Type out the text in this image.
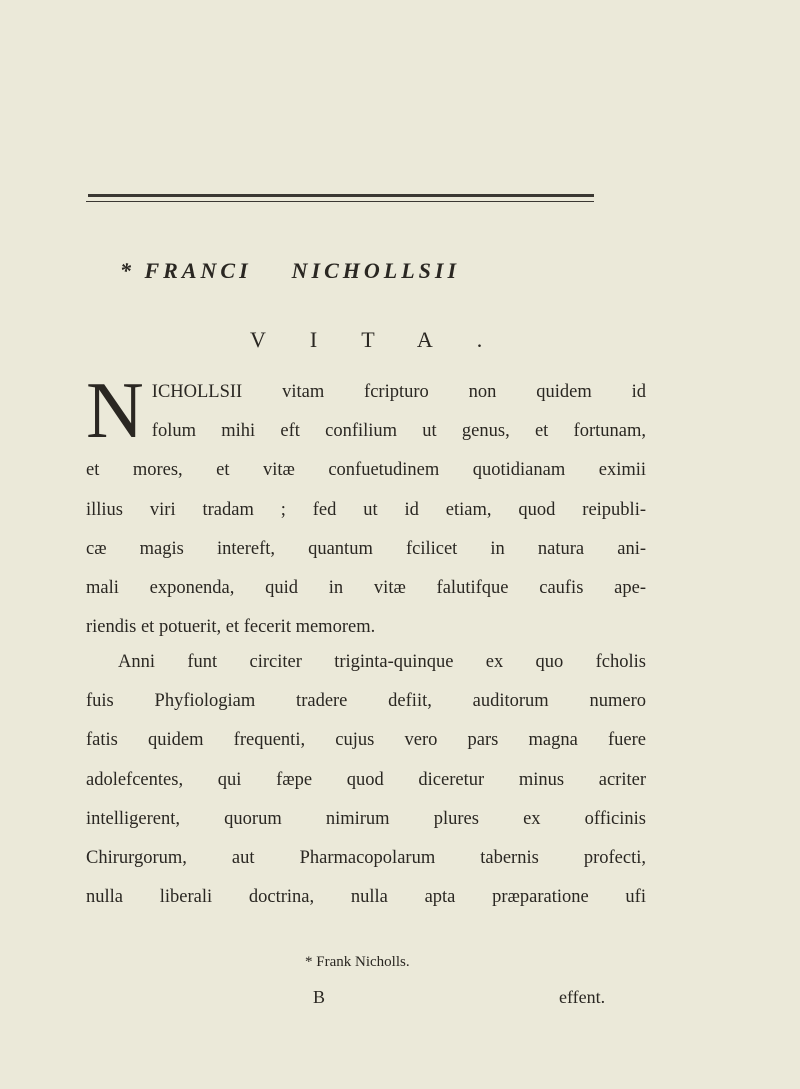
* FRANCI NICHOLLSII
VITA.
N ICHOLLSII vitam fcripturo non quidem id
folum mihi eft confilium ut genus, et fortunam,
et mores, et vitæ confuetudinem quotidianam eximii
illius viri tradam ; fed ut id etiam, quod reipubli-
cæ magis intereft, quantum fcilicet in natura ani-
mali exponenda, quid in vitæ falutifque caufis ape-
riendis et potuerit, et fecerit memorem.
Anni funt circiter triginta-quinque ex quo fcholis
fuis Phyfiologiam tradere defiit, auditorum numero
fatis quidem frequenti, cujus vero pars magna fuere
adolefcentes, qui fæpe quod diceretur minus acriter
intelligerent, quorum nimirum plures ex officinis
Chirurgorum, aut Pharmacopolarum tabernis profecti,
nulla liberali doctrina, nulla apta præparatione ufi
* Frank Nicholls.
B	effent.
